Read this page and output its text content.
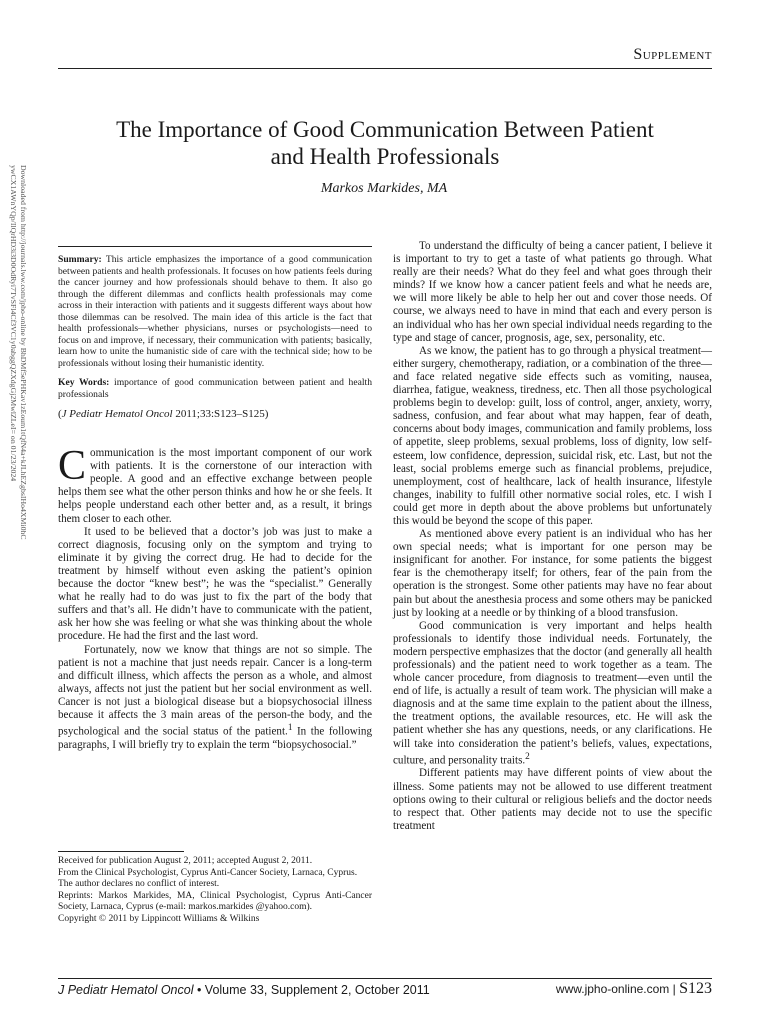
Supplement
The Importance of Good Communication Between Patient
and Health Professionals
Markos Markides, MA
Downloaded from http://journals.lww.com/jpho-online by BhDMf5ePHKav1zEoum1tQfN4a+kJLhEZgbsIHo4XMi0hC
ywCX1AWnYQp/IlQrHD3i3D0OdRyi7TvSFl4Cf3VC1y0abggQZXdgGj2MwlZLeI= on 01/23/2024	Summary: This article emphasizes the importance of a good communication between patients and health professionals. It focuses on how patients feels during the cancer journey and how professionals should behave to them. It also go through the different dilemmas and conflicts health professionals may come across in their interaction with patients and it suggests different ways about how those dilemmas can be resolved. The main idea of this article is the fact that health professionals—whether physicians, nurses or psychologists—need to focus on and improve, if necessary, their communication with patients; basically, learn how to unite the humanistic side of care with the technical side; how to be professionals without losing their humanistic identity.

Key Words: importance of good communication between patient and health professionals

(J Pediatr Hematol Oncol 2011;33:S123–S125)

Communication is the most important component of our work with patients. It is the cornerstone of our interaction with people. A good and an effective exchange between people helps them see what the other person thinks and how he or she feels. It helps people understand each other better and, as a result, it brings them closer to each other.

It used to be believed that a doctor’s job was just to make a correct diagnosis, focusing only on the symptom and trying to eliminate it by giving the correct drug. He had to decide for the treatment by himself without even asking the patient’s opinion because the doctor “knew best”; he was the “specialist.” Generally what he really had to do was just to fix the part of the body that suffers and that’s all. He didn’t have to communicate with the patient, ask her how she was feeling or what she was thinking about the whole procedure. He had the first and the last word.

Fortunately, now we know that things are not so simple. The patient is not a machine that just needs repair. Cancer is a long-term and difficult illness, which affects the person as a whole, and almost always, affects not just the patient but her social environment as well. Cancer is not just a biological disease but a biopsychosocial illness because it affects the 3 main areas of the person-the body, and the psychological and the social status of the patient.$^1$ In the following paragraphs, I will briefly try to explain the term “biopsychosocial.”

Received for publication August 2, 2011; accepted August 2, 2011.
From the Clinical Psychologist, Cyprus Anti-Cancer Society, Larnaca, Cyprus.
The author declares no conflict of interest.
Reprints: Markos Markides, MA, Clinical Psychologist, Cyprus Anti-Cancer Society, Larnaca, Cyprus (e-mail: markos.markides @yahoo.com).
Copyright © 2011 by Lippincott Williams & Wilkins

To understand the difficulty of being a cancer patient, I believe it is important to try to get a taste of what patients go through. What really are their needs? What do they feel and what goes through their minds? If we know how a cancer patient feels and what he needs are, we will more likely be able to help her out and cover those needs. Of course, we always need to have in mind that each and every person is an individual who has her own special individual needs regarding to the type and stage of cancer, prognosis, age, sex, personality, etc.

As we know, the patient has to go through a physical treatment—either surgery, chemotherapy, radiation, or a combination of the three—and face related negative side effects such as vomiting, nausea, diarrhea, fatigue, weakness, tiredness, etc. Then all those psychological problems begin to develop: guilt, loss of control, anger, anxiety, worry, sadness, confusion, and fear about what may happen, fear of death, concerns about body images, communication and family problems, loss of appetite, sleep problems, sexual problems, loss of dignity, low self-esteem, low confidence, depression, suicidal risk, etc. Last, but not the least, social problems emerge such as financial problems, prejudice, unemployment, cost of healthcare, lack of health insurance, lifestyle changes, inability to fulfill other normative social roles, etc. I wish I could get more in depth about the above problems but unfortunately this would be beyond the scope of this paper.

As mentioned above every patient is an individual who has her own special needs; what is important for one person may be insignificant for another. For instance, for some patients the biggest fear is the chemotherapy itself; for others, fear of the pain from the operation is the strongest. Some other patients may have no fear about pain but about the anesthesia process and some others may be panicked just by looking at a needle or by thinking of a blood transfusion.

Good communication is very important and helps health professionals to identify those individual needs. Fortunately, the modern perspective emphasizes that the doctor (and generally all health professionals) and the patient need to work together as a team. The whole cancer procedure, from diagnosis to treatment—even until the end of life, is actually a result of team work. The physician will make a diagnosis and at the same time explain to the patient about the illness, the treatment options, the available resources, etc. He will ask the patient whether she has any questions, needs, or any clarifications. He will take into consideration the patient’s beliefs, values, expectations, culture, and personality traits.$^2$

Different patients may have different points of view about the illness. Some patients may not be allowed to use different treatment options owing to their cultural or religious beliefs and the doctor needs to respect that. Other patients may decide not to use the specific treatment

J Pediatr Hematol Oncol • Volume 33, Supplement 2, October 2011	www.jpho-online.com | S123
